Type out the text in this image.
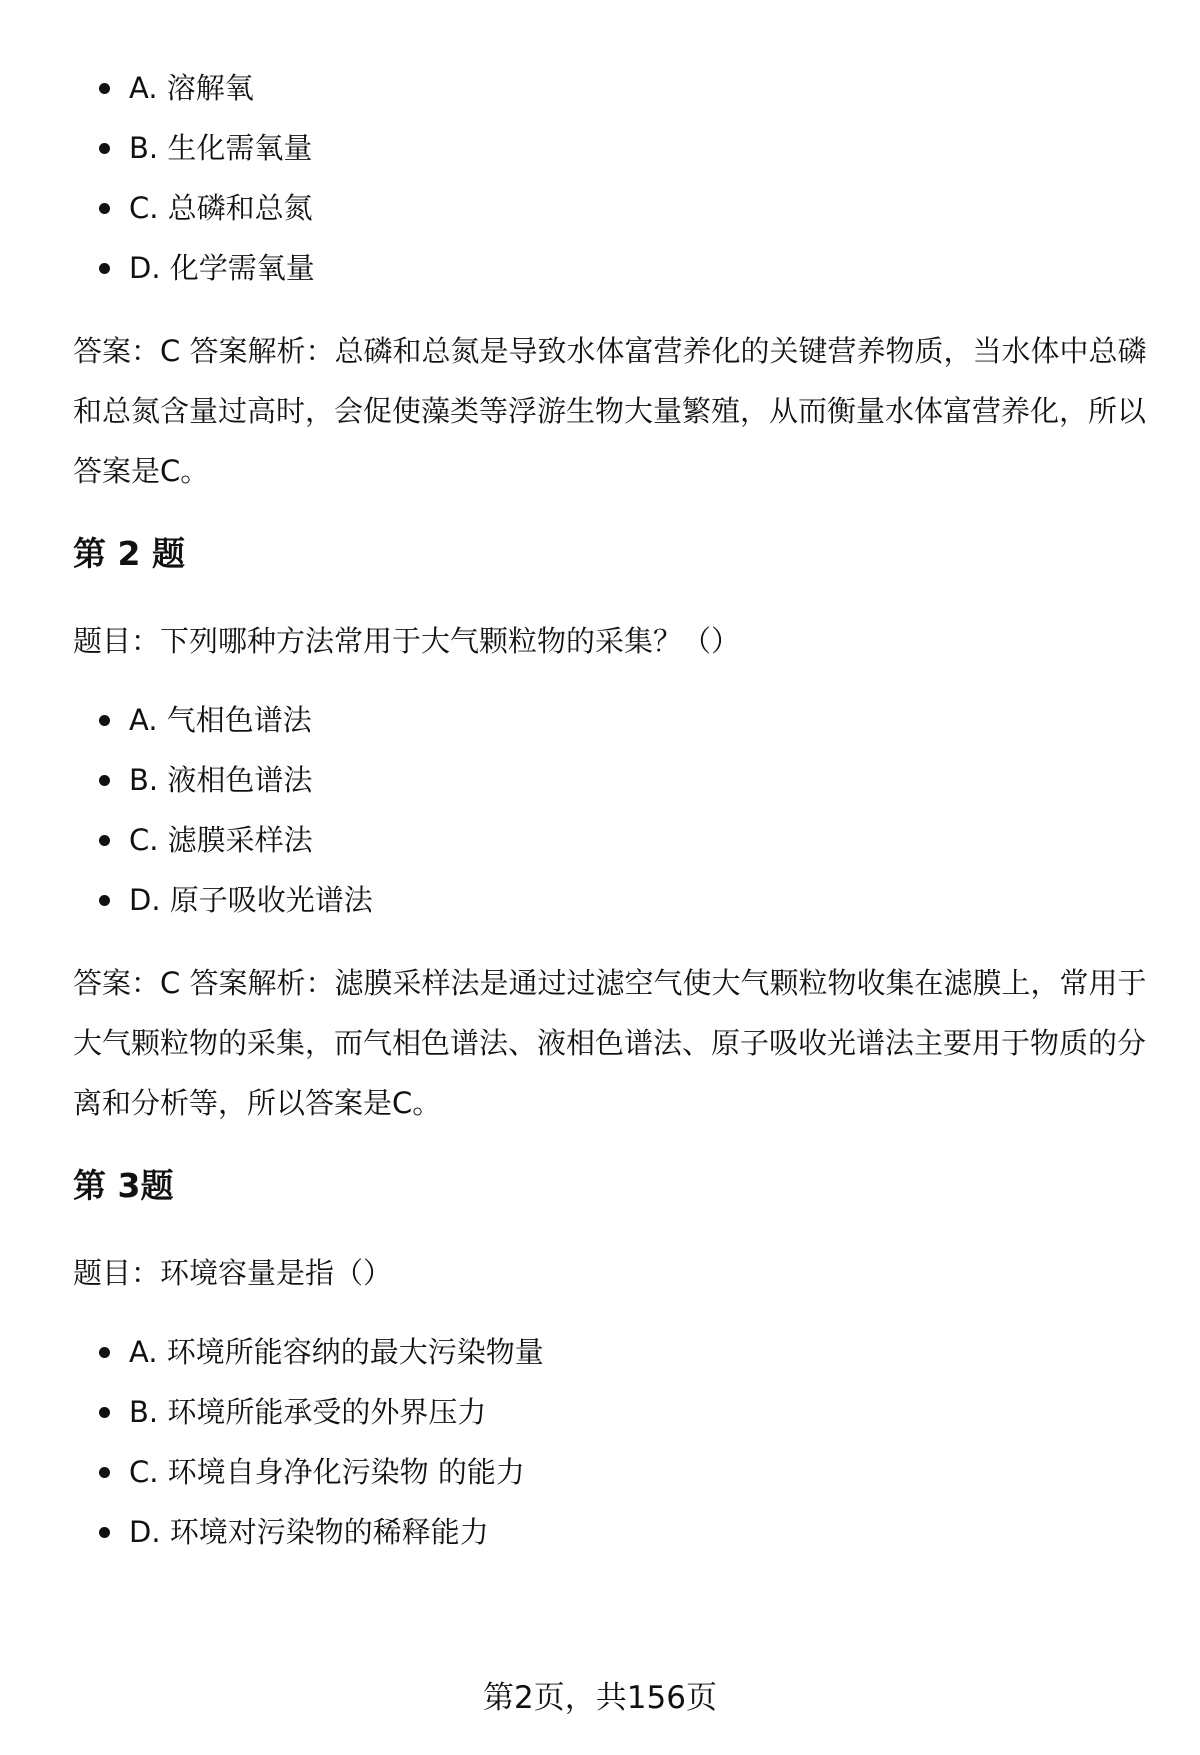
A. 溶解氧
B. 生化需氧量
C. 总磷和总氮
D. 化学需氧量

答案：C 答案解析：总磷和总氮是导致水体富营养化的关键营养物质，当水体中总磷和总氮含量过高时，会促使藻类等浮游生物大量繁殖，从而衡量水体富营养化，所以答案是C。

第 2 题

题目：下列哪种方法常用于大气颗粒物的采集？（）

A. 气相色谱法
B. 液相色谱法
C. 滤膜采样法
D. 原子吸收光谱法

答案：C 答案解析：滤膜采样法是通过过滤空气使大气颗粒物收集在滤膜上，常用于大气颗粒物的采集，而气相色谱法、液相色谱法、原子吸收光谱法主要用于物质的分离和分析等，所以答案是C。

第 3题

题目：环境容量是指（）

A. 环境所能容纳的最大污染物量
B. 环境所能承受的外界压力
C. 环境自身净化污染物 的能力
D. 环境对污染物的稀释能力
第2页，共156页
